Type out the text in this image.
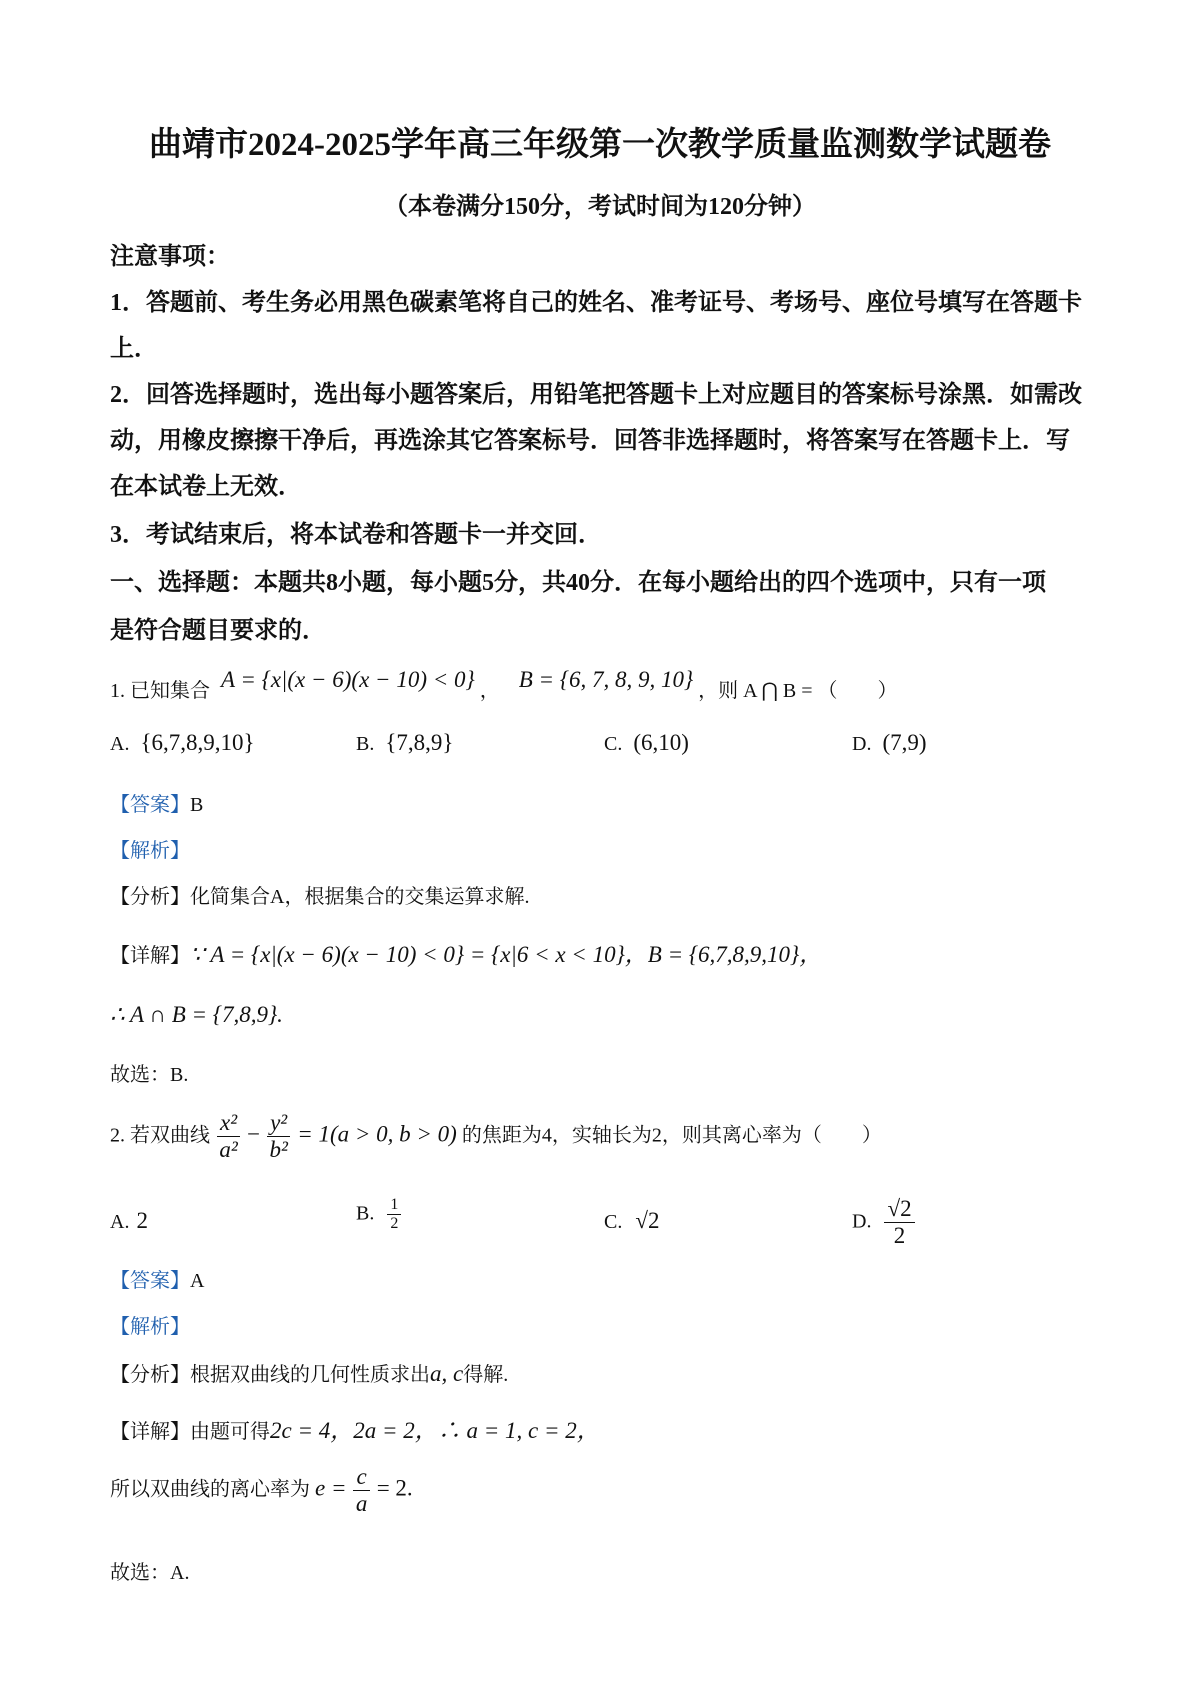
曲靖市2024-2025学年高三年级第一次教学质量监测数学试题卷
（本卷满分150分，考试时间为120分钟）
注意事项：
1．答题前、考生务必用黑色碳素笔将自己的姓名、准考证号、考场号、座位号填写在答题卡
上．
2．回答选择题时，选出每小题答案后，用铅笔把答题卡上对应题目的答案标号涂黑．如需改
动，用橡皮擦擦干净后，再选涂其它答案标号．回答非选择题时，将答案写在答题卡上．写
在本试卷上无效．
3．考试结束后，将本试卷和答题卡一并交回．
一、选择题：本题共8小题，每小题5分，共40分．在每小题给出的四个选项中，只有一项
是符合题目要求的．
1. 已知集合 A = {x|(x − 6)(x − 10) < 0} ， B = {6, 7, 8, 9, 10} ，则 A ⋂ B = （　　）
A. {6,7,8,9,10}	B. {7,8,9}	C. (6,10)	D. (7,9)
【答案】B
【解析】
【分析】化简集合A，根据集合的交集运算求解.
【详解】∵ A = {x|(x − 6)(x − 10) < 0} = {x|6 < x < 10}，B = {6,7,8,9,10}，
∴ A ∩ B = {7,8,9}.
故选：B.
2. 若双曲线 $\frac{\text{x²}}{\text{a²}} - \frac{\text{y²}}{\text{b²}} = 1(a > 0$, b > 0) 的焦距为4，实轴长为2，则其离心率为（　　）
A. 2	B. $\frac{1}{2}$	C. √2	D. $\frac{√2}{2}$
【答案】A
【解析】
【分析】根据双曲线的几何性质求出a, c得解.
【详解】由题可得2c = 4，2a = 2，∴ a = 1, c = 2，
所以双曲线的离心率为 $e = \frac{c}{a} = 2$.
故选：A.
